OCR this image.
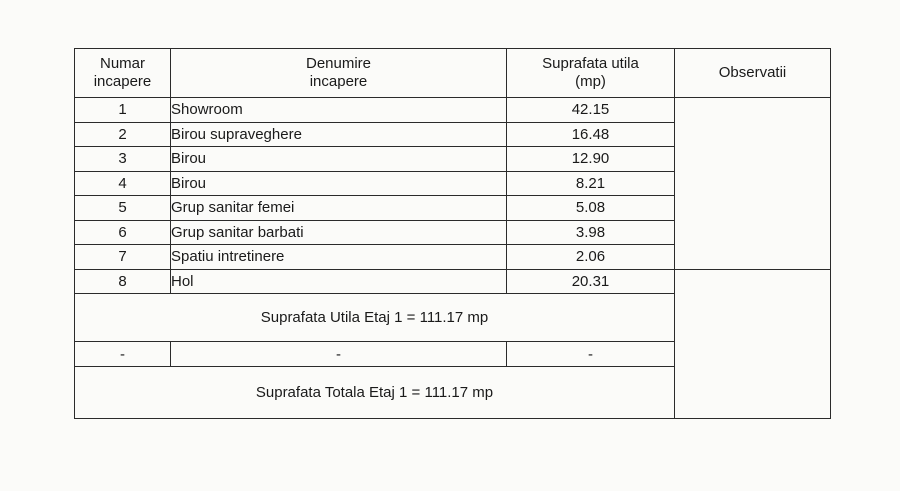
Numar incapere	Denumire incapere	Suprafata utila (mp)	Observatii
1	Showroom	42.15	
2	Birou supraveghere	16.48	
3	Birou	12.90	
4	Birou	8.21	
5	Grup sanitar femei	5.08	
6	Grup sanitar barbati	3.98	
7	Spatiu intretinere	2.06	
8	Hol	20.31	
Suprafata Utila Etaj 1 = 111.17 mp			
-	-	-	
Suprafata Totala Etaj 1 = 111.17 mp			
